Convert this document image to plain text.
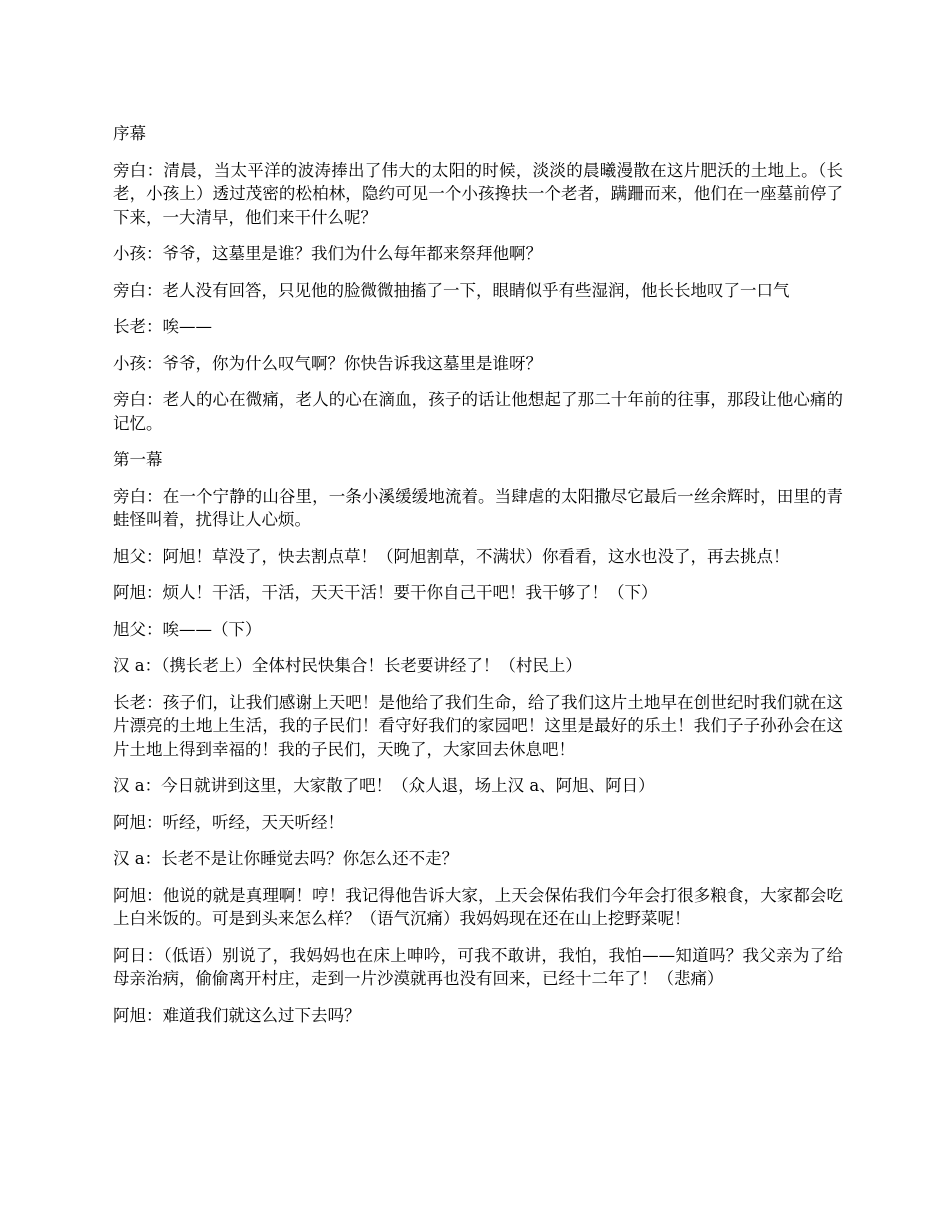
序幕

旁白：清晨，当太平洋的波涛捧出了伟大的太阳的时候，淡淡的晨曦漫散在这片肥沃的土地上。（长老，小孩上）透过茂密的松柏林，隐约可见一个小孩搀扶一个老者，蹒跚而来，他们在一座墓前停了下来，一大清早，他们来干什么呢？

小孩：爷爷，这墓里是谁？我们为什么每年都来祭拜他啊？

旁白：老人没有回答，只见他的脸微微抽搐了一下，眼睛似乎有些湿润，他长长地叹了一口气

长老：唉——

小孩：爷爷，你为什么叹气啊？你快告诉我这墓里是谁呀？

旁白：老人的心在微痛，老人的心在滴血，孩子的话让他想起了那二十年前的往事，那段让他心痛的记忆。

第一幕

旁白：在一个宁静的山谷里，一条小溪缓缓地流着。当肆虐的太阳撒尽它最后一丝余辉时，田里的青蛙怪叫着，扰得让人心烦。

旭父：阿旭！草没了，快去割点草！（阿旭割草，不满状）你看看，这水也没了，再去挑点！

阿旭：烦人！干活，干活，天天干活！要干你自己干吧！我干够了！（下）

旭父：唉——（下）

汉 a：（携长老上）全体村民快集合！长老要讲经了！（村民上）

长老：孩子们，让我们感谢上天吧！是他给了我们生命，给了我们这片土地早在创世纪时我们就在这片漂亮的土地上生活，我的子民们！看守好我们的家园吧！这里是最好的乐土！我们子子孙孙会在这片土地上得到幸福的！我的子民们，天晚了，大家回去休息吧！

汉 a：今日就讲到这里，大家散了吧！（众人退，场上汉 a、阿旭、阿日）

阿旭：听经，听经，天天听经！

汉 a：长老不是让你睡觉去吗？你怎么还不走？

阿旭：他说的就是真理啊！哼！我记得他告诉大家，上天会保佑我们今年会打很多粮食，大家都会吃上白米饭的。可是到头来怎么样？（语气沉痛）我妈妈现在还在山上挖野菜呢！

阿日：（低语）别说了，我妈妈也在床上呻吟，可我不敢讲，我怕，我怕——知道吗？我父亲为了给母亲治病，偷偷离开村庄，走到一片沙漠就再也没有回来，已经十二年了！（悲痛）

阿旭：难道我们就这么过下去吗？
